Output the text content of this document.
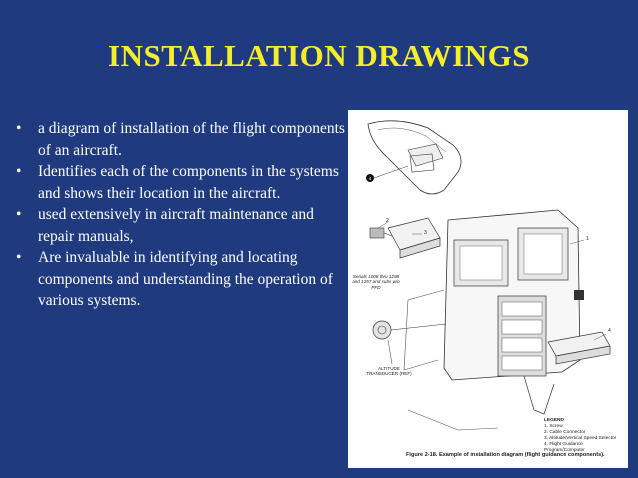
INSTALLATION DRAWINGS
• a diagram of installation of the flight components of an aircraft.
• Identifies each of the components in the systems and shows their location in the aircraft.
• used extensively in aircraft maintenance and repair manuals,
• Are invaluable in identifying and locating components and understanding the operation of various systems.
4
2
3
1
4
Serials 1008 thru 1298 and 1357 and subs w/o PFD
ALTITUDE TRANSDUCER (REF)
LEGEND
1. Screw
2. Cable Connector
3. Altitude/Vertical Speed Selector
4. Flight Guidance Program/Computer
Figure 2-18. Example of installation diagram (flight guidance components).
